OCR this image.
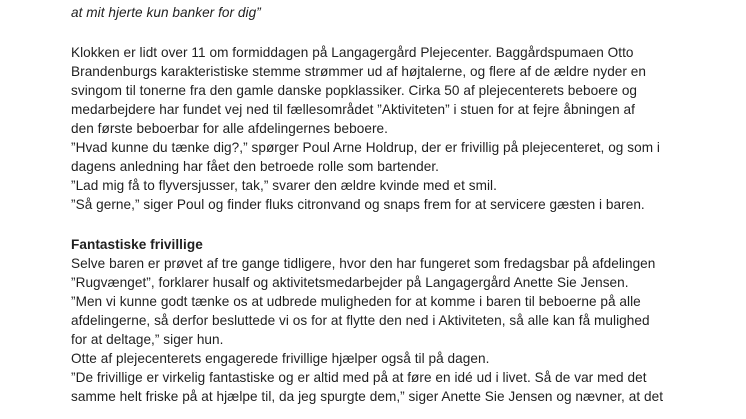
at mit hjerte kun banker for dig”
Klokken er lidt over 11 om formiddagen på Langagergård Plejecenter. Baggårdspumaen Otto
Brandenburgs karakteristiske stemme strømmer ud af højtalerne, og flere af de ældre nyder en
svingom til tonerne fra den gamle danske popklassiker. Cirka 50 af plejecenterets beboere og
medarbejdere har fundet vej ned til fællesområdet ”Aktiviteten” i stuen for at fejre åbningen af
den første beboerbar for alle afdelingernes beboere.
”Hvad kunne du tænke dig?,” spørger Poul Arne Holdrup, der er frivillig på plejecenteret, og som i
dagens anledning har fået den betroede rolle som bartender.
”Lad mig få to flyversjusser, tak,” svarer den ældre kvinde med et smil.
”Så gerne,” siger Poul og finder fluks citronvand og snaps frem for at servicere gæsten i baren.
Fantastiske frivillige
Selve baren er prøvet af tre gange tidligere, hvor den har fungeret som fredagsbar på afdelingen
”Rugvænget”, forklarer husalf og aktivitetsmedarbejder på Langagergård Anette Sie Jensen.
”Men vi kunne godt tænke os at udbrede muligheden for at komme i baren til beboerne på alle
afdelingerne, så derfor besluttede vi os for at flytte den ned i Aktiviteten, så alle kan få mulighed
for at deltage,” siger hun.
Otte af plejecenterets engagerede frivillige hjælper også til på dagen.
”De frivillige er virkelig fantastiske og er altid med på at føre en idé ud i livet. Så de var med det
samme helt friske på at hjælpe til, da jeg spurgte dem,” siger Anette Sie Jensen og nævner, at det
